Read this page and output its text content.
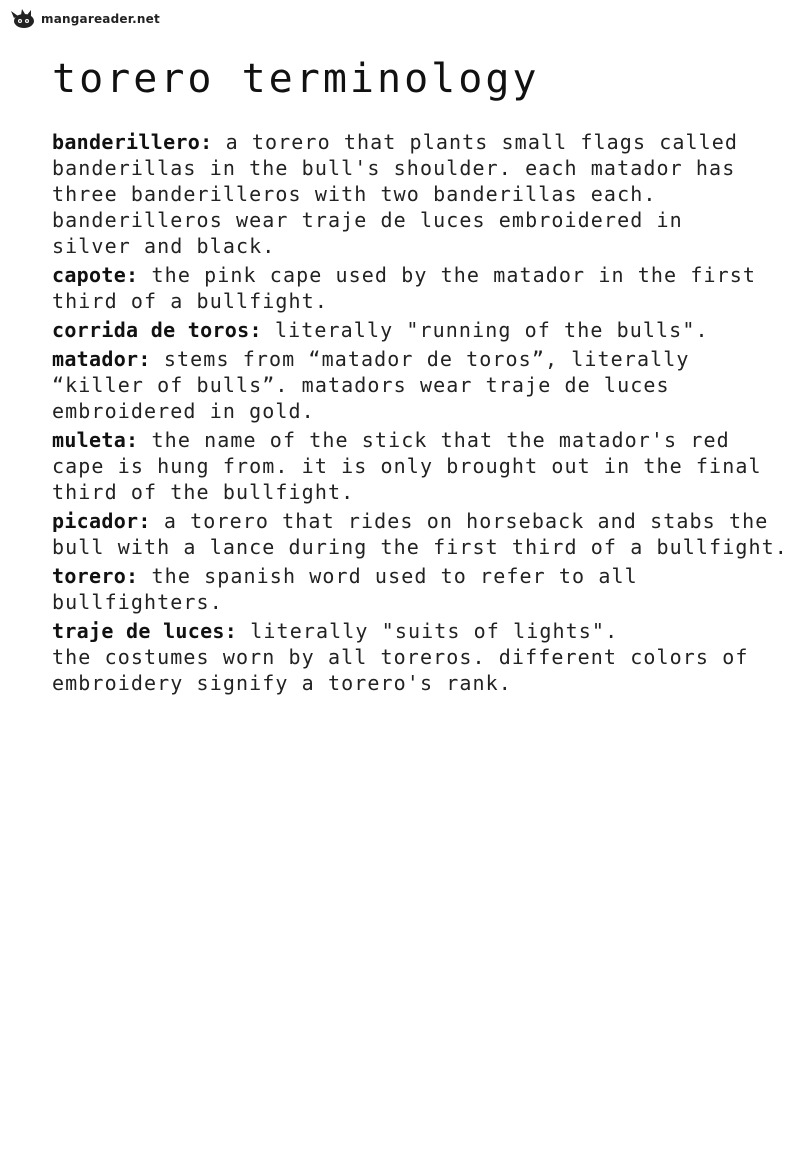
mangareader.net
torero terminology
banderillero: a torero that plants small flags called
banderillas in the bull's shoulder. each matador has
three banderilleros with two banderillas each.
banderilleros wear traje de luces embroidered in
silver and black.
capote: the pink cape used by the matador in the first
third of a bullfight.
corrida de toros: literally "running of the bulls".
matador: stems from “matador de toros”, literally
“killer of bulls”. matadors wear traje de luces
embroidered in gold.
muleta: the name of the stick that the matador's red
cape is hung from. it is only brought out in the final
third of the bullfight.
picador: a torero that rides on horseback and stabs the
bull with a lance during the first third of a bullfight.
torero: the spanish word used to refer to all
bullfighters.
traje de luces: literally "suits of lights".
the costumes worn by all toreros. different colors of
embroidery signify a torero's rank.
